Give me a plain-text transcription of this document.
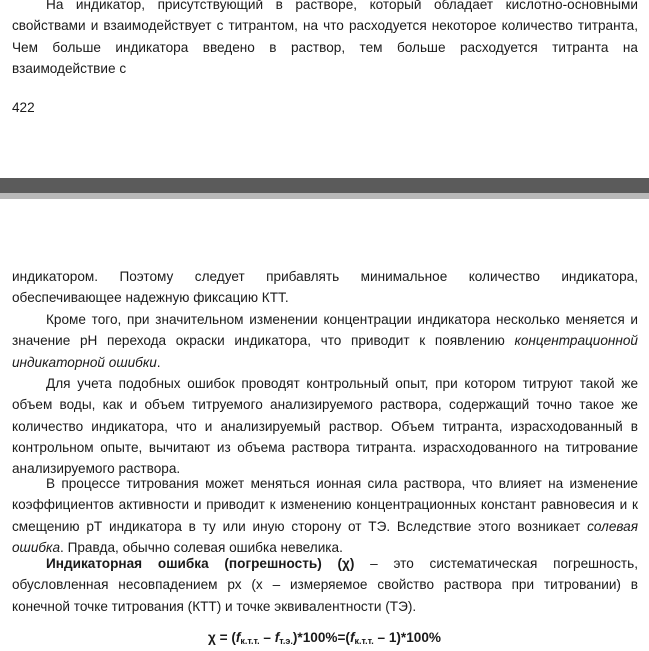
На индикатор, присутствующий в растворе, который обладает кислотно-основными свойствами и взаимодействует с титрантом, на что расходуется некоторое количество титранта, Чем больше индикатора введено в раствор, тем больше расходуется титранта на взаимодействие с

422

индикатором. Поэтому следует прибавлять минимальное количество индикатора, обеспечивающее надежную фиксацию КТТ.

Кроме того, при значительном изменении концентрации индикатора несколько меняется и значение рН перехода окраски индикатора, что приводит к появлению концентрационной индикаторной ошибки.

Для учета подобных ошибок проводят контрольный опыт, при котором титруют такой же объем воды, как и объем титруемого анализируемого раствора, содержащий точно такое же количество индикатора, что и анализируемый раствор. Объем титранта, израсходованный в контрольном опыте, вычитают из объема раствора титранта. израсходованного на титрование анализируемого раствора.

В процессе титрования может меняться ионная сила раствора, что влияет на изменение коэффициентов активности и приводит к изменению концентрационных констант равновесия и к смещению рТ индикатора в ту или иную сторону от ТЭ. Вследствие этого возникает солевая ошибка. Правда, обычно солевая ошибка невелика.

Индикаторная ошибка (погрешность) (χ) – это систематическая погрешность, обусловленная несовпадением рх (х – измеряемое свойство раствора при титровании) в конечной точке титрования (КТТ) и точке эквивалентности (ТЭ).

$\chi = (f_{к.т.т.} - f_{т.э.})*100\%=(f_{к.т.т.} - 1)*100\%$
